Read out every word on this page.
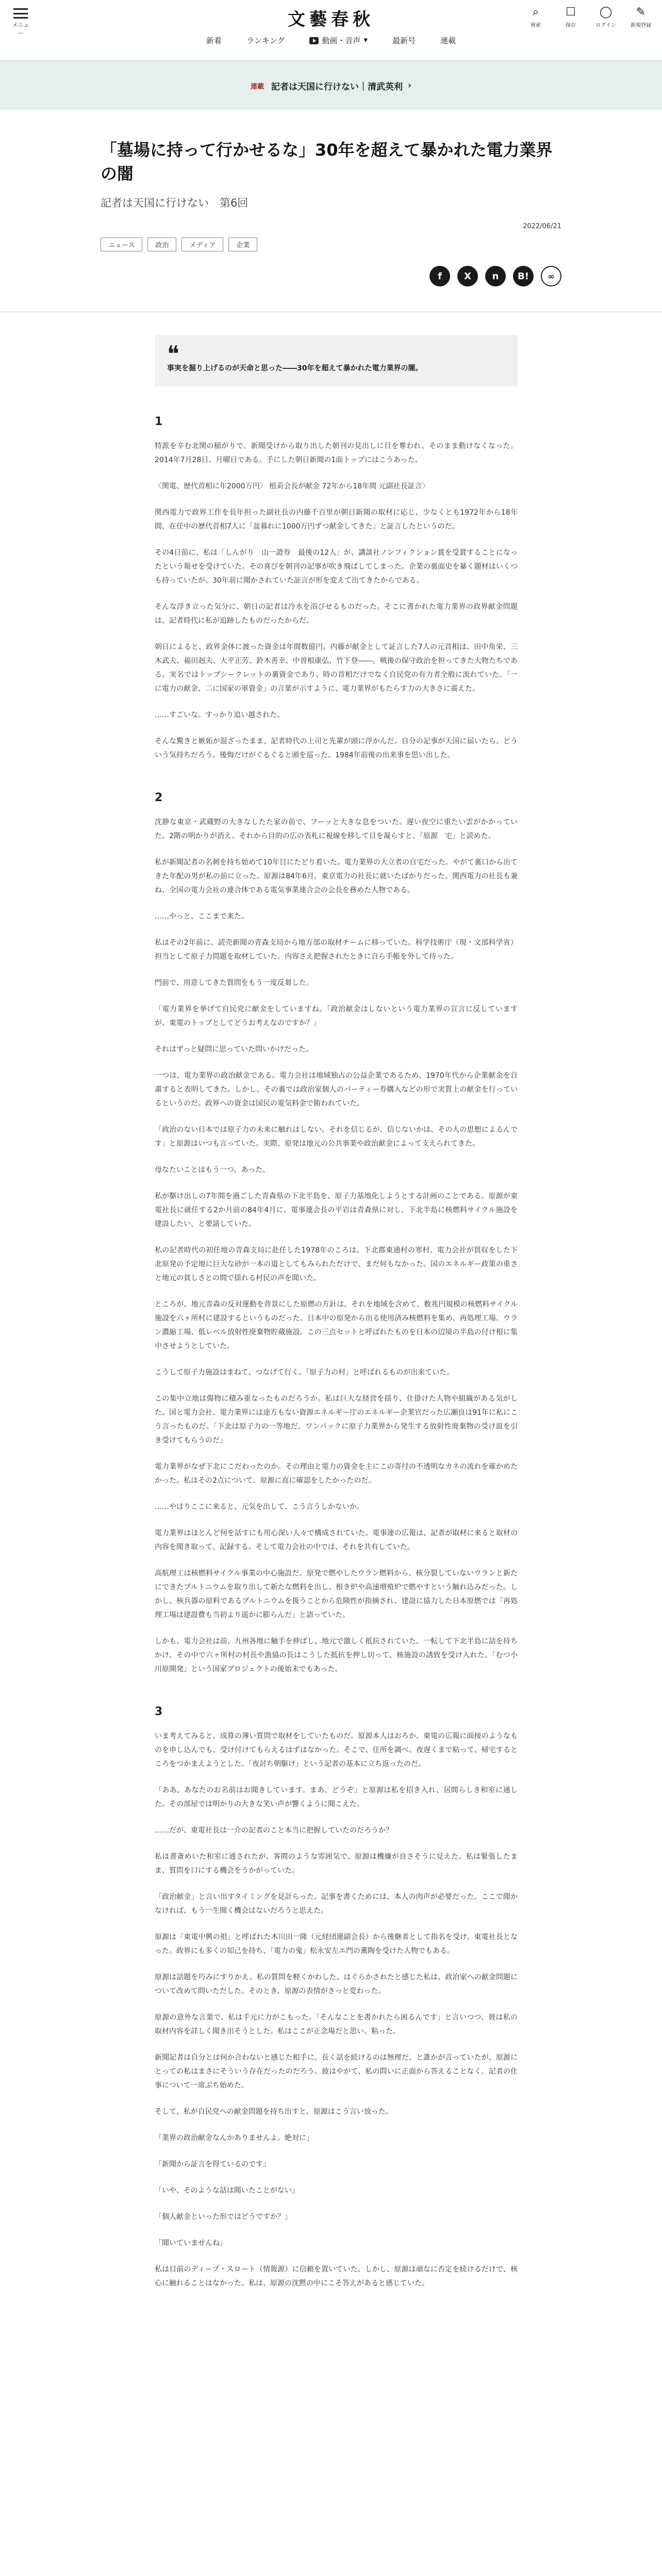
メニュー
文藝春秋
新着	ランキング	動画・音声 ▼	最新号	連載
⌕
検索
☐
保存
◯
ログイン
✎
新規登録
連載 記者は天国に行けない｜清武英利 ›
「墓場に持って行かせるな」30年を超えて暴かれた電力業界の闇
記者は天国に行けない　第6回
2022/06/21
ニュース	政治	メディア	企業
f	X	n	B!	∞
❝

事実を掘り上げるのが天命と思った――30年を超えて暴かれた電力業界の闇。

1

特派を辛む北関の稲がりで、新聞受けから取り出した朝刊の見出しに目を奪われ、そのまま動けなくなった。2014年7月28日、月曜日である。手にした朝日新聞の1面トップにはこうあった。

〈関電、歴代首相に年2000万円〉 植苅会長が献金 72年から18年間 元副社長証言〉

関西電力で政界工作を長年担った副社長の内藤千百里が朝日新聞の取材に応じ、少なくとも1972年から18年間、在任中の歴代首相7人に「盆暮れに1000万円ずつ献金してきた」と証言したというのだ。

その4日前に、私は「しんがり　山一證券　最後の12人」が、講談社ノンフィクション賞を受賞することになったという報せを受けていた。その喜びを朝刊の記事が吹き飛ばしてしまった。企業の裏面史を暴く題材はいくつも持っていたが、30年前に聞かされていた証言が形を変えて出てきたからである。

そんな浮き立った気分に、朝日の記者は冷水を浴びせるものだった。そこに書かれた電力業界の政界献金問題は、記者時代に私が追跡したものだったからだ。

朝日によると、政界金体に渡った資金は年間数億円。内藤が献金として証言した7人の元首相は、田中角栄、三木武夫、福田赳夫、大平正芳、鈴木善幸、中曽根康弘、竹下登――。戦後の保守政治を担ってきた大物たちである。実名ではトップシークレットの裏資金であり、時の首相だけでなく自民党の有力者全般に流れていた。「一に電力の献金、二に国家の軍資金」の言葉が示すように、電力業界がもたらす力の大きさに震えた。

……すごいな。すっかり追い越された。

そんな驚きと嫉妬が混ざったまま、記者時代の上司と先輩が頭に浮かんだ。自分の記事が天国に届いたら、どういう気持ちだろう。後悔だけがぐるぐると頭を巡った。1984年前後の出来事を思い出した。

2

沈静な東京・武蔵野の大きなしたた家の前で、フーッと大きな息をついた。遅い夜空に重たい雲がかかっていた。2階の明かりが消え、それから目的の広の表札に視線を移して目を凝らすと、「原源　宅」と読めた。

私が新聞記者の名刺を持ち始めて10年目にたどり着いた。電力業界の大立者の自宅だった。やがて裏口から出てきた年配の男が私の前に立った。原源は84年6月、東京電力の社長に就いたばかりだった。関西電力の社長も兼ね、全国の電力会社の連合体である電気事業連合会の会長を務めた人物である。

……やっと、ここまで来た。

私はその2年前に、読売新聞の青森支局から地方部の取材チームに移っていた。科学技術庁（現・文部科学省）担当として原子力問題を取材していた。内容さえ把握されたときに自ら手帳を外して待った。

門前で、用意してきた質問をもう一度反芻した。

「電力業界を挙げて自民党に献金をしていますね。「政治献金はしないという電力業界の宣言に反していますが、東電のトップとしてどうお考えなのですか？」

それはずっと疑問に思っていた問いかけだった。

一つは、電力業界の政治献金である。電力会社は地域独占の公益企業であるため、1970年代から企業献金を自粛すると表明してきた。しかし、その裏では政治家個人のパーティー券購入などの形で実質上の献金を行っているというのだ。政界への資金は国民の電気料金で賄われていた。

「政治のない日本では原子力の未来に触れはしない。それを信じるが、信じないかは、その人の思想によるんです」と原源はいつも言っていた。実際、原発は地元の公共事業や政治献金によって支えられてきた。

母なたいことはもう一つ。あった。

私が駆け出しの7年間を過ごした青森県の下北半島を、原子力基地化しようとする計画のことである。原源が東電社長に就任する2か月前の84年4月に、電事連会長の平岩は青森県に対し、下北半島に核燃料サイクル施設を建設したい、と要請していた。

私の記者時代の初任地の青森支局に赴任した1978年のころは、下北郡東通村の寒村、電力会社が買収をした下北原発の予定地に巨大な砂が一本の道としてもみられただけで、まだ何もなかった。国のエネルギー政策の重さと地元の貧しさとの間で揺れる村民の声を聞いた。

ところが、地元青森の反対運動を背景にした原燃の方針は、それを地域を含めて、数兆円規模の核燃料サイクル施設を六ヶ所村に建設するというものだった。日本中の原発から出る使用済み核燃料を集め、再処理工場、ウラン濃縮工場、低レベル放射性廃棄物貯蔵施設。この三点セットと呼ばれたものを日本の辺境の半島の付け根に集中させようとしていた。

こうして原子力施設はまねて、つなげて行く。「原子力の村」と呼ばれるものが出来ていた。

この集中立地は傷物に積み重なったものだろうか。私は巨大な経営を揺り、仕掛けた人物や組織がある気がした。国と電力会社、電力業界には途方もない資源エネルギー庁のエネルギー企業官だった広瀬良は91年に私にこう言ったものだ。「下北は原子力の一等地だ。ワンパックに原子力業界から発生する放射性廃棄物の受け皿を引き受けてもらうのだ」

電力業界がなぜ下北にこだわったのか。その理由と電力の資金を主にこの寄付の不透明なカネの流れを確かめたかった。私はその2点について、原源に直に確認をしたかったのだ。

……やはりここに来ると、元気を出して、こう言うしかないか。

電力業界はほとんど何を話すにも用心深い人々で構成されていた。電事連の広報は、記者が取材に来ると取材の内容を聞き取って、記録する。そして電力会社の中では、それを共有していた。

高航理工は核燃料サイクル事業の中心施設だ。原発で燃やしたウラン燃料から、核分裂していないウランと新たにできたプルトニウムを取り出して新たな燃料を出し、根き炉や高速増殖炉で燃やすという触れ込みだった。しかし、核兵器の原料であるプルトニウムを扱うことから危険性が指摘され、建設に協力した日本原燃では「再処理工場は建設費も当初より遥かに膨らんだ」と語っていた。

しかも、電力会社は前、九州各地に触手を伸ばし、地元で激しく抵抗されていた。一転して下北半島に話を持ちかけ、その中で六ヶ所村の村長や漁協の長はこうした抵抗を押し切って、核施設の誘致を受け入れた。「むつ小川原開発」という国家プロジェクトの後始末でもあった。

3

いま考えてみると、成算の薄い質問で取材をしていたものだ。原源本人はおろか、東電の広報に面接のようなものを申し込んでも、受け付けてもらえるはずはなかった。そこで、住所を調べ、夜遅くまで粘って、帰宅するところをつかまえようとした。「夜討ち朝駆け」という記者の基本に立ち返ったのだ。

「ああ、あなたのお名前はお聞きしています。まあ、どうぞ」と原源は私を招き入れ、居間らしき和室に通した。その部屋では明かりの大きな笑い声が響くように聞こえた。

……だが、東電社長は一介の記者のこと本当に把握していたのだろうか？

私は書斎めいた和室に通されたが、客間のような雰囲気で、原源は機嫌が良さそうに見えた。私は緊張したまま、質問を口にする機会をうかがっていた。

「政治献金」と言い出すタイミングを見計らった。記事を書くためには、本人の肉声が必要だった。ここで聞かなければ、もう一生聞く機会はないだろうと思えた。

原源は「東電中興の祖」と呼ばれた木川田一隆（元経団連副会長）から後継者として指名を受け、東電社長となった。政界にも多くの知己を持ち、「電力の鬼」松永安左エ門の薫陶を受けた人物でもある。

原源は話題を巧みにすりかえ、私の質問を軽くかわした。はぐらかされたと感じた私は、政治家への献金問題について改めて問いただした。そのとき、原源の表情がさっと変わった。

原源の意外な言葉で、私は手元に力がこもった。「そんなことを書かれたら困るんです」と言いつつ、彼は私の取材内容を詳しく聞き出そうとした。私はここが正念場だと思い、粘った。

新聞記者は自分とは何か合わないと感じた相手に、長く話を続けるのは無理だ、と誰かが言っていたが、原源にとっての私はまさにそういう存在だったのだろう。彼はやがて、私の問いに正面から答えることなく、記者の仕事について一席ぶち始めた。

そして、私が自民党への献金問題を持ち出すと、原源はこう言い放った。

「業界の政治献金なんかありませんよ。絶対に」

「新聞から証言を得ているのです」

「いや、そのような話は聞いたことがない」

「個人献金といった形ではどうですか？」

「聞いていませんね」

私は目前のディープ・スロート（情報源）に信頼を置いていた。しかし、原源は頑なに否定を続けるだけで、核心に触れることはなかった。私は、原源の沈黙の中にこそ答えがあると感じていた。
